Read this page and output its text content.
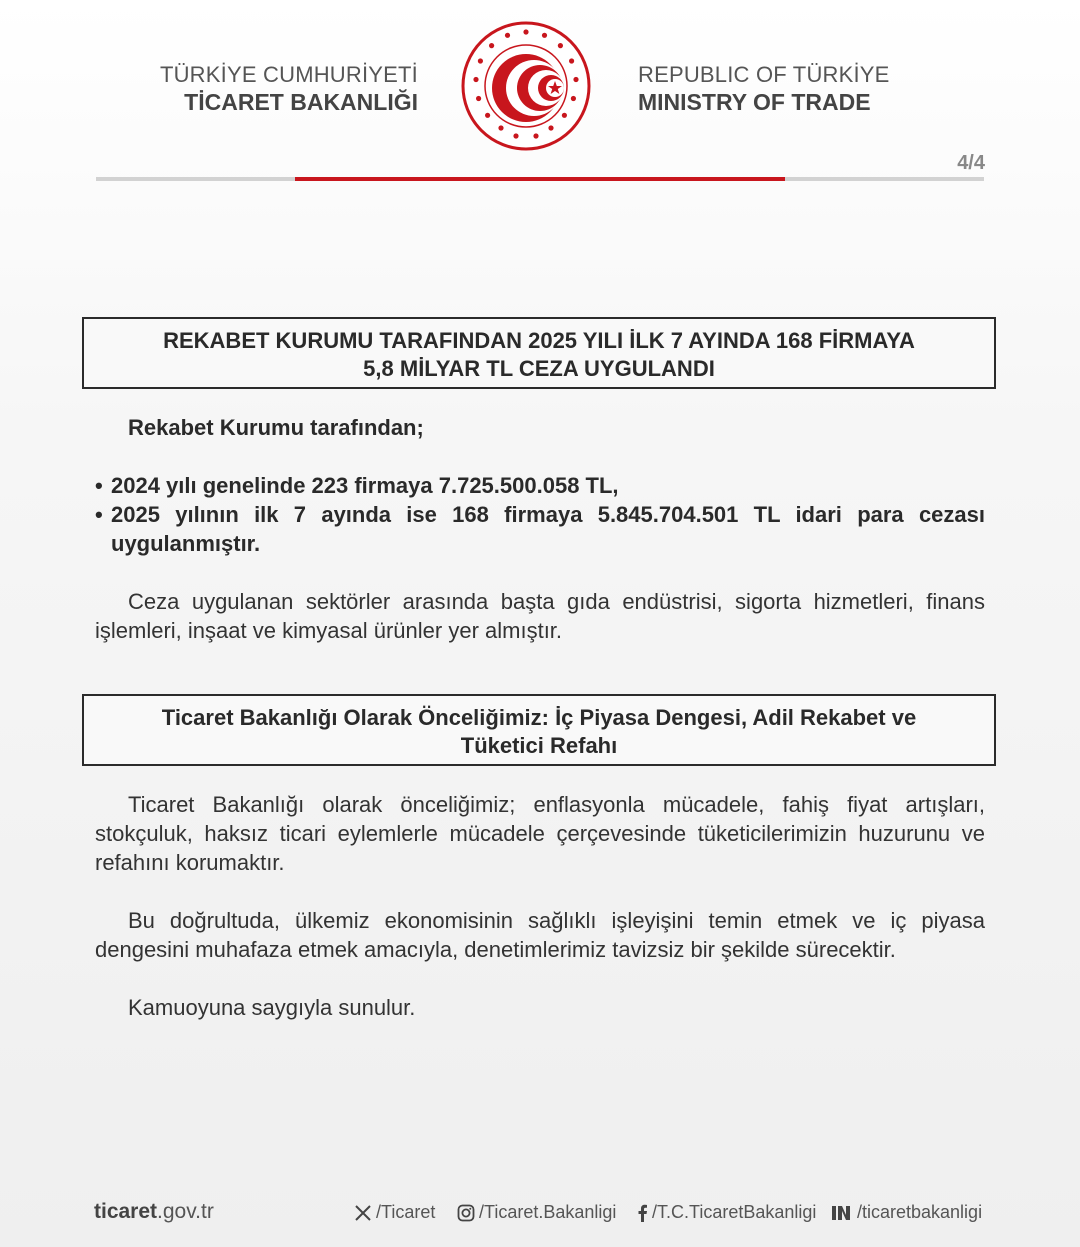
TÜRKİYE CUMHURİYETİ
TİCARET BAKANLIĞI
REPUBLIC OF TÜRKİYE
MINISTRY OF TRADE
4/4
REKABET KURUMU TARAFINDAN 2025 YILI İLK 7 AYINDA 168 FİRMAYA
5,8 MİLYAR TL CEZA UYGULANDI

Rekabet Kurumu tarafından;

• 2024 yılı genelinde 223 firmaya 7.725.500.058 TL,

• 2025 yılının ilk 7 ayında ise 168 firmaya 5.845.704.501 TL idari para cezası uygulanmıştır.

Ceza uygulanan sektörler arasında başta gıda endüstrisi, sigorta hizmetleri, finans işlemleri, inşaat ve kimyasal ürünler yer almıştır.

Ticaret Bakanlığı Olarak Önceliğimiz: İç Piyasa Dengesi, Adil Rekabet ve
Tüketici Refahı

Ticaret Bakanlığı olarak önceliğimiz; enflasyonla mücadele, fahiş fiyat artışları, stokçuluk, haksız ticari eylemlerle mücadele çerçevesinde tüketicilerimizin huzurunu ve refahını korumaktır.

Bu doğrultuda, ülkemiz ekonomisinin sağlıklı işleyişini temin etmek ve iç piyasa dengesini muhafaza etmek amacıyla, denetimlerimiz tavizsiz bir şekilde sürecektir.

Kamuoyuna saygıyla sunulur.

ticaret.gov.tr	/Ticaret /Ticaret.Bakanligi /T.C.TicaretBakanligi /ticaretbakanligi
